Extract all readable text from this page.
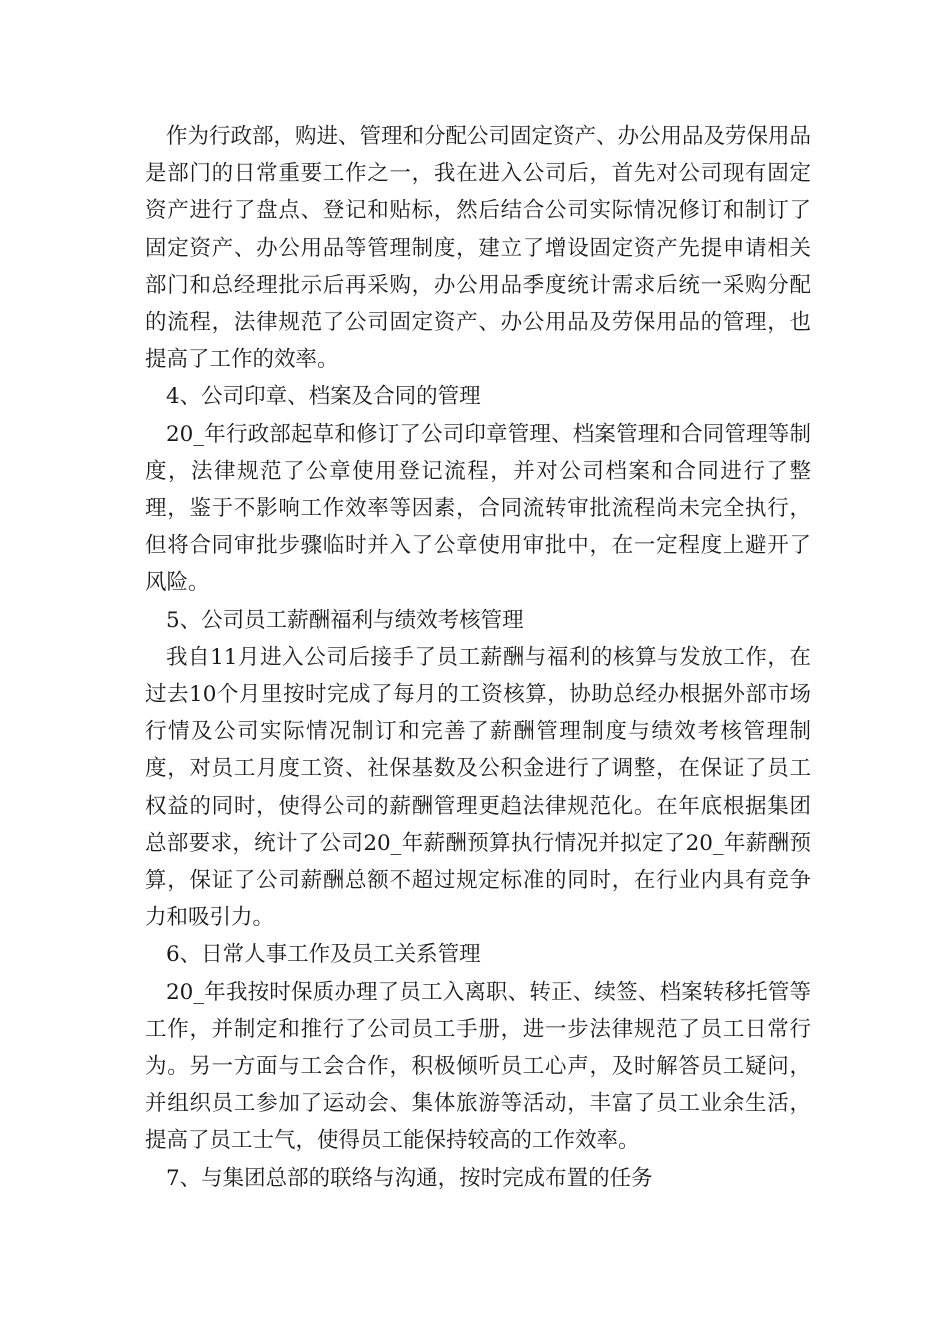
作为行政部，购进、管理和分配公司固定资产、办公用品及劳保用品是部门的日常重要工作之一，我在进入公司后，首先对公司现有固定资产进行了盘点、登记和贴标，然后结合公司实际情况修订和制订了固定资产、办公用品等管理制度，建立了增设固定资产先提申请相关部门和总经理批示后再采购，办公用品季度统计需求后统一采购分配的流程，法律规范了公司固定资产、办公用品及劳保用品的管理，也提高了工作的效率。

4、公司印章、档案及合同的管理

20_年行政部起草和修订了公司印章管理、档案管理和合同管理等制度，法律规范了公章使用登记流程，并对公司档案和合同进行了整理，鉴于不影响工作效率等因素，合同流转审批流程尚未完全执行，但将合同审批步骤临时并入了公章使用审批中，在一定程度上避开了风险。

5、公司员工薪酬福利与绩效考核管理

我自11月进入公司后接手了员工薪酬与福利的核算与发放工作，在过去10个月里按时完成了每月的工资核算，协助总经办根据外部市场行情及公司实际情况制订和完善了薪酬管理制度与绩效考核管理制度，对员工月度工资、社保基数及公积金进行了调整，在保证了员工权益的同时，使得公司的薪酬管理更趋法律规范化。在年底根据集团总部要求，统计了公司20_年薪酬预算执行情况并拟定了20_年薪酬预算，保证了公司薪酬总额不超过规定标准的同时，在行业内具有竞争力和吸引力。

6、日常人事工作及员工关系管理

20_年我按时保质办理了员工入离职、转正、续签、档案转移托管等工作，并制定和推行了公司员工手册，进一步法律规范了员工日常行为。另一方面与工会合作，积极倾听员工心声，及时解答员工疑问，并组织员工参加了运动会、集体旅游等活动，丰富了员工业余生活，提高了员工士气，使得员工能保持较高的工作效率。

7、与集团总部的联络与沟通，按时完成布置的任务
